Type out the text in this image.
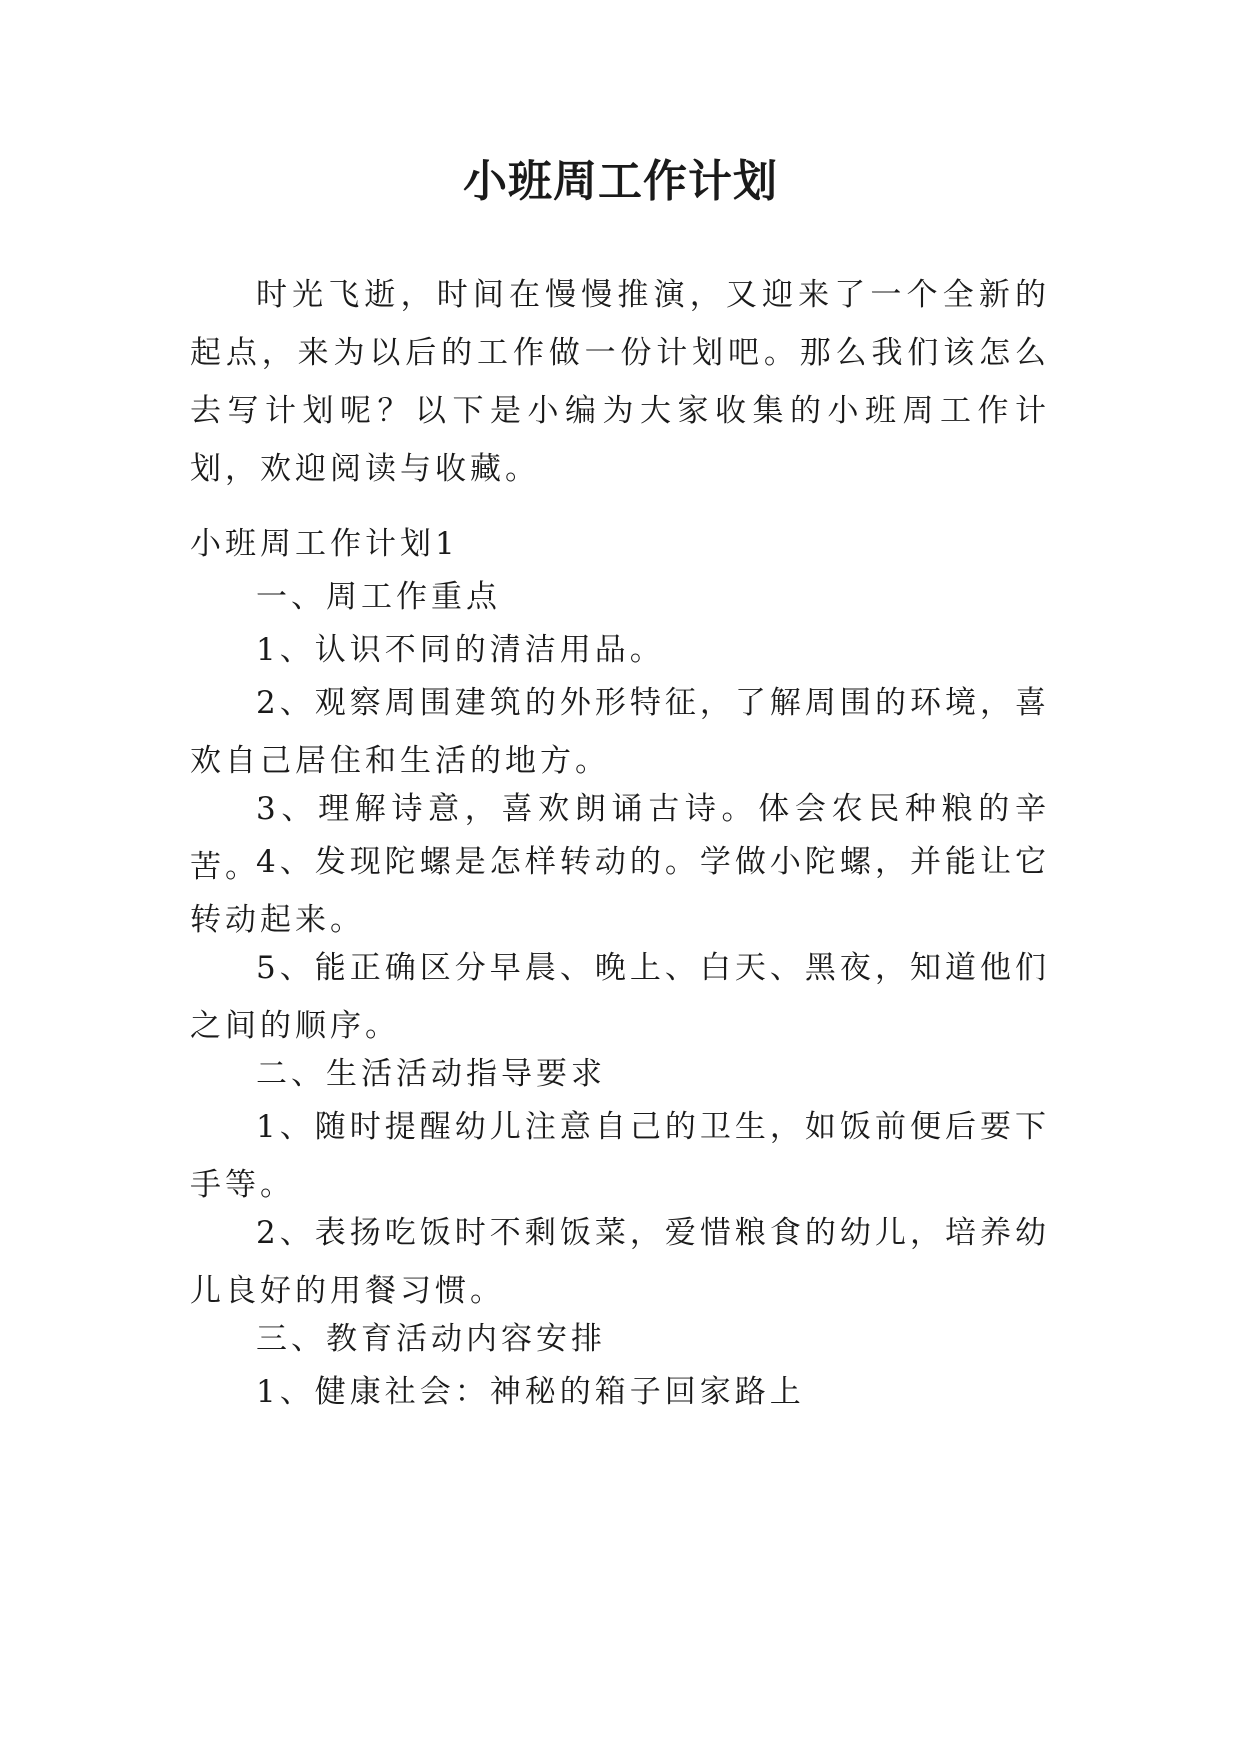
小班周工作计划

时光飞逝，时间在慢慢推演，又迎来了一个全新的起点，来为以后的工作做一份计划吧。那么我们该怎么去写计划呢？以下是小编为大家收集的小班周工作计划，欢迎阅读与收藏。

小班周工作计划1

一、周工作重点

1、认识不同的清洁用品。

2、观察周围建筑的外形特征，了解周围的环境，喜欢自己居住和生活的地方。

3、理解诗意，喜欢朗诵古诗。体会农民种粮的辛苦。

4、发现陀螺是怎样转动的。学做小陀螺，并能让它转动起来。

5、能正确区分早晨、晚上、白天、黑夜，知道他们之间的顺序。

二、生活活动指导要求

1、随时提醒幼儿注意自己的卫生，如饭前便后要下手等。

2、表扬吃饭时不剩饭菜，爱惜粮食的幼儿，培养幼儿良好的用餐习惯。

三、教育活动内容安排

1、健康社会：神秘的箱子回家路上
